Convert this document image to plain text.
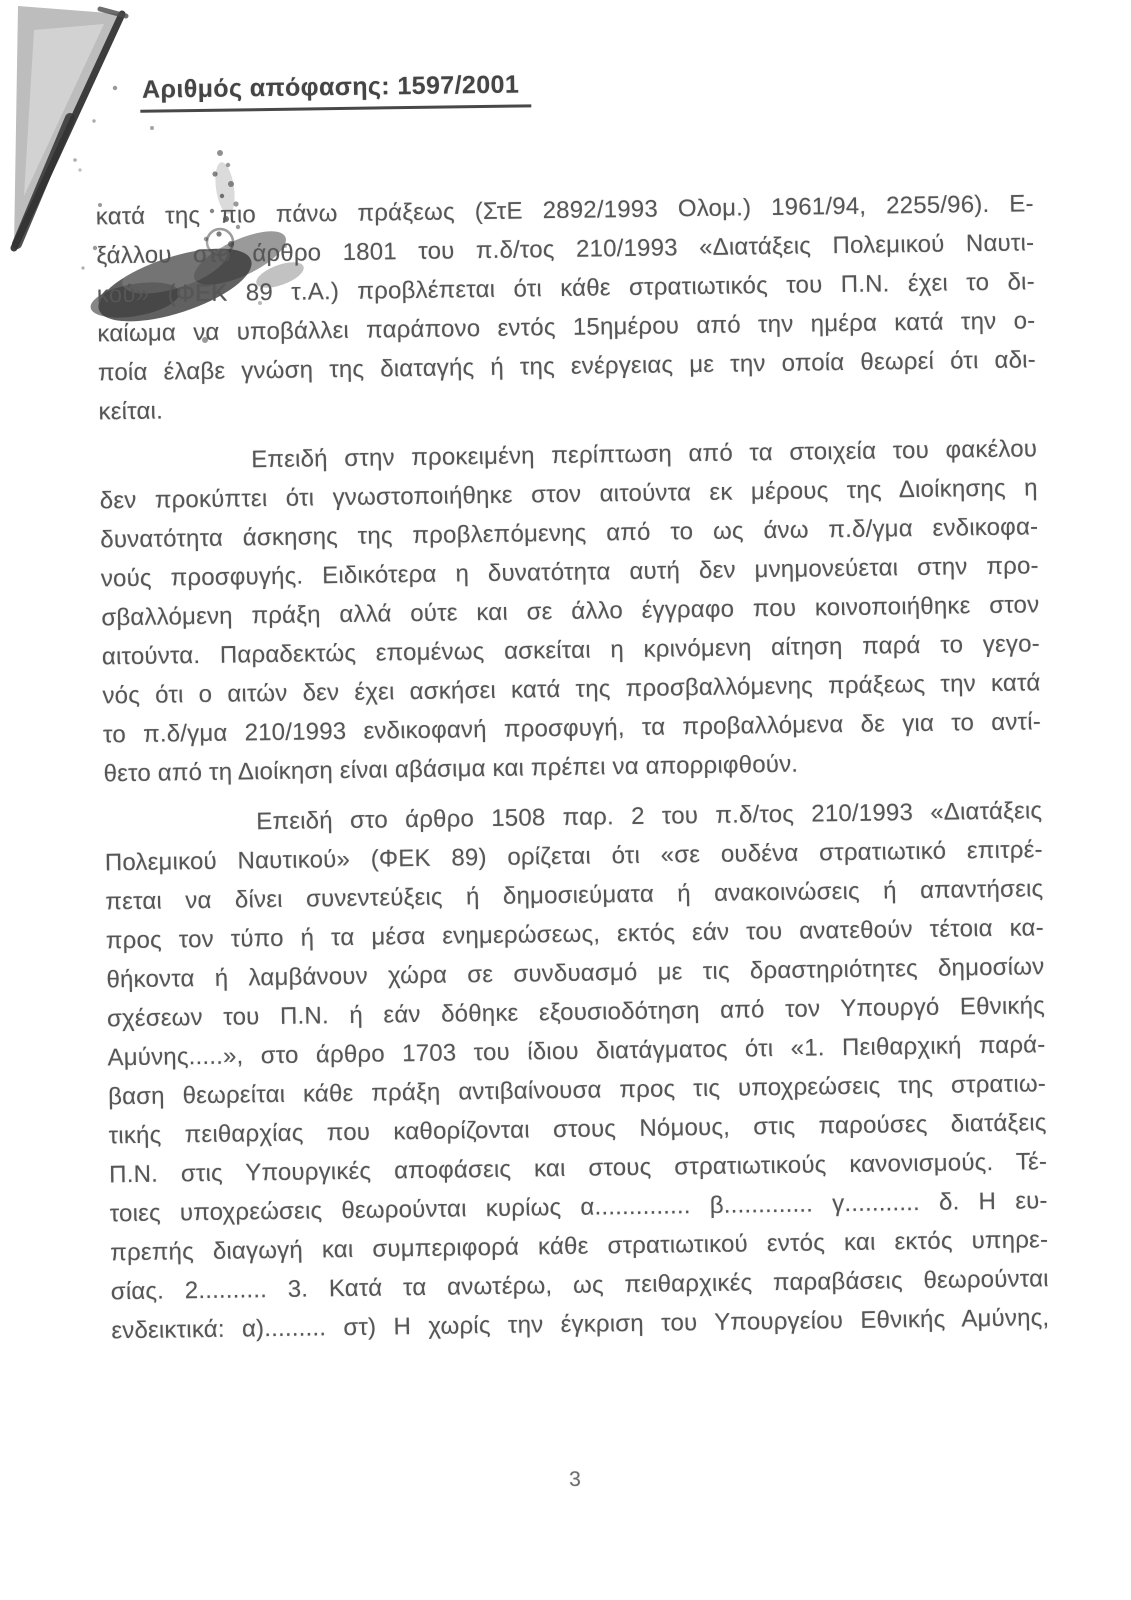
Αριθμός απόφασης: 1597/2001
κατά της πιο πάνω πράξεως (ΣτΕ 2892/1993 Ολομ.) 1961/94, 2255/96). Ε-
ξάλλου στο άρθρο 1801 του π.δ/τος 210/1993 «Διατάξεις Πολεμικού Ναυτι-
κού» (ΦΕΚ 89 τ.Α.) προβλέπεται ότι κάθε στρατιωτικός του Π.Ν. έχει το δι-
καίωμα να υποβάλλει παράπονο εντός 15ημέρου από την ημέρα κατά την ο-
ποία έλαβε γνώση της διαταγής ή της ενέργειας με την οποία θεωρεί ότι αδι-
κείται.
Επειδή στην προκειμένη περίπτωση από τα στοιχεία του φακέλου
δεν προκύπτει ότι γνωστοποιήθηκε στον αιτούντα εκ μέρους της Διοίκησης η
δυνατότητα άσκησης της προβλεπόμενης από το ως άνω π.δ/γμα ενδικοφα-
νούς προσφυγής. Ειδικότερα η δυνατότητα αυτή δεν μνημονεύεται στην προ-
σβαλλόμενη πράξη αλλά ούτε και σε άλλο έγγραφο που κοινοποιήθηκε στον
αιτούντα. Παραδεκτώς επομένως ασκείται η κρινόμενη αίτηση παρά το γεγο-
νός ότι ο αιτών δεν έχει ασκήσει κατά της προσβαλλόμενης πράξεως την κατά
το π.δ/γμα 210/1993 ενδικοφανή προσφυγή, τα προβαλλόμενα δε για το αντί-
θετο από τη Διοίκηση είναι αβάσιμα και πρέπει να απορριφθούν.
Επειδή στο άρθρο 1508 παρ. 2 του π.δ/τος 210/1993 «Διατάξεις
Πολεμικού Ναυτικού» (ΦΕΚ 89) ορίζεται ότι «σε ουδένα στρατιωτικό επιτρέ-
πεται να δίνει συνεντεύξεις ή δημοσιεύματα ή ανακοινώσεις ή απαντήσεις
προς τον τύπο ή τα μέσα ενημερώσεως, εκτός εάν του ανατεθούν τέτοια κα-
θήκοντα ή λαμβάνουν χώρα σε συνδυασμό με τις δραστηριότητες δημοσίων
σχέσεων του Π.Ν. ή εάν δόθηκε εξουσιοδότηση από τον Υπουργό Εθνικής
Αμύνης.....», στο άρθρο 1703 του ίδιου διατάγματος ότι «1. Πειθαρχική παρά-
βαση θεωρείται κάθε πράξη αντιβαίνουσα προς τις υποχρεώσεις της στρατιω-
τικής πειθαρχίας που καθορίζονται στους Νόμους, στις παρούσες διατάξεις
Π.Ν. στις Υπουργικές αποφάσεις και στους στρατιωτικούς κανονισμούς. Τέ-
τοιες υποχρεώσεις θεωρούνται κυρίως α.............. β............. γ........... δ. Η ευ-
πρεπής διαγωγή και συμπεριφορά κάθε στρατιωτικού εντός και εκτός υπηρε-
σίας. 2.......... 3. Κατά τα ανωτέρω, ως πειθαρχικές παραβάσεις θεωρούνται
ενδεικτικά: α)......... στ) Η χωρίς την έγκριση του Υπουργείου Εθνικής Αμύνης,
3
